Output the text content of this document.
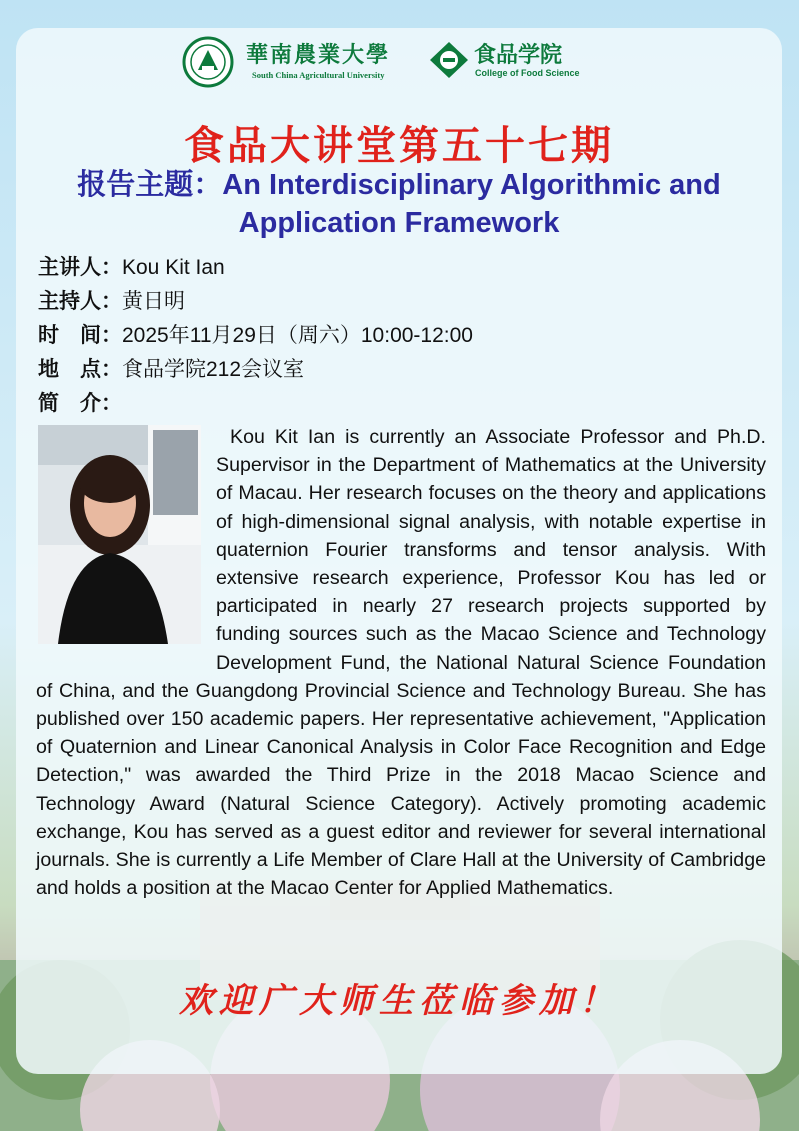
華南農業大學
South China Agricultural University
食品学院
College of Food Science
食品大讲堂第五十七期
报告主题：An Interdisciplinary Algorithmic and Application Framework
主讲人：Kou Kit Ian
主持人：黄日明
时　间：2025年11月29日（周六）10:00-12:00
地　点：食品学院212会议室
简　介：
Kou Kit Ian is currently an Associate Professor and Ph.D. Supervisor in the Department of Mathematics at the University of Macau. Her research focuses on the theory and applications of high-dimensional signal analysis, with notable expertise in quaternion Fourier transforms and tensor analysis. With extensive research experience, Professor Kou has led or participated in nearly 27 research projects supported by funding sources such as the Macao Science and Technology Development Fund, the National Natural Science Foundation of China, and the Guangdong Provincial Science and Technology Bureau. She has published over 150 academic papers. Her representative achievement, "Application of Quaternion and Linear Canonical Analysis in Color Face Recognition and Edge Detection," was awarded the Third Prize in the 2018 Macao Science and Technology Award (Natural Science Category). Actively promoting academic exchange, Kou has served as a guest editor and reviewer for several international journals. She is currently a Life Member of Clare Hall at the University of Cambridge and holds a position at the Macao Center for Applied Mathematics.
欢迎广大师生莅临参加！
